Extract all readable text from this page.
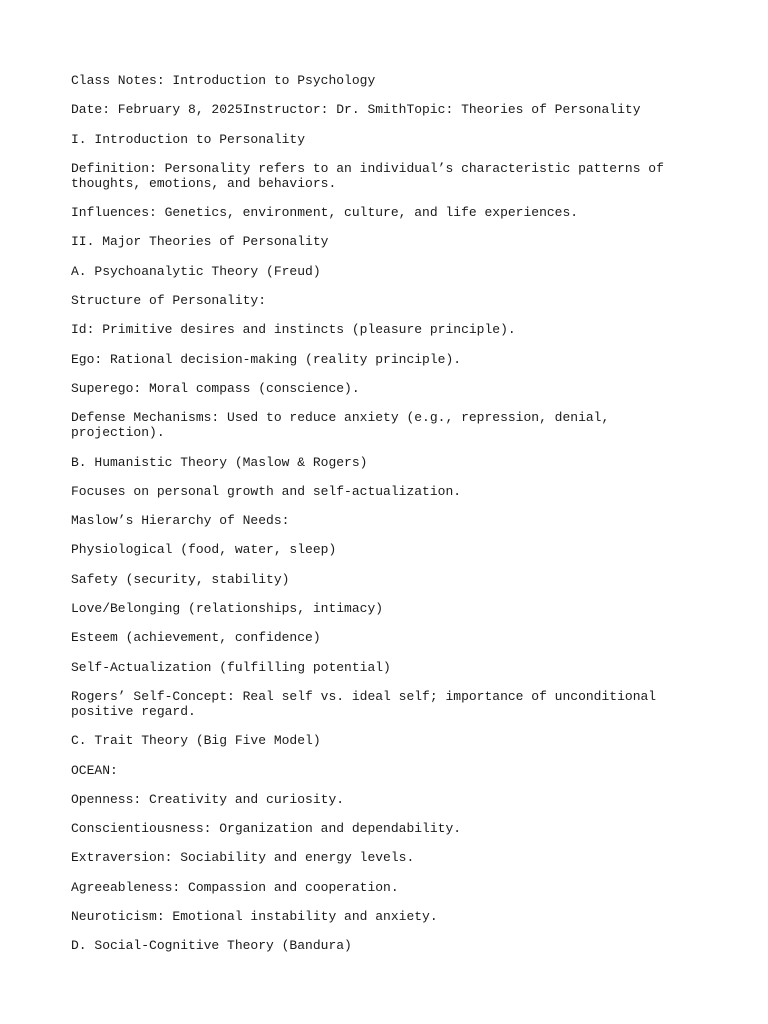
Class Notes: Introduction to Psychology

Date: February 8, 2025Instructor: Dr. SmithTopic: Theories of Personality

I. Introduction to Personality

Definition: Personality refers to an individual’s characteristic patterns of
thoughts, emotions, and behaviors.

Influences: Genetics, environment, culture, and life experiences.

II. Major Theories of Personality

A. Psychoanalytic Theory (Freud)

Structure of Personality:

Id: Primitive desires and instincts (pleasure principle).

Ego: Rational decision-making (reality principle).

Superego: Moral compass (conscience).

Defense Mechanisms: Used to reduce anxiety (e.g., repression, denial, projection).

B. Humanistic Theory (Maslow & Rogers)

Focuses on personal growth and self-actualization.

Maslow’s Hierarchy of Needs:

Physiological (food, water, sleep)

Safety (security, stability)

Love/Belonging (relationships, intimacy)

Esteem (achievement, confidence)

Self-Actualization (fulfilling potential)

Rogers’ Self-Concept: Real self vs. ideal self; importance of unconditional
positive regard.

C. Trait Theory (Big Five Model)

OCEAN:

Openness: Creativity and curiosity.

Conscientiousness: Organization and dependability.

Extraversion: Sociability and energy levels.

Agreeableness: Compassion and cooperation.

Neuroticism: Emotional instability and anxiety.

D. Social-Cognitive Theory (Bandura)
